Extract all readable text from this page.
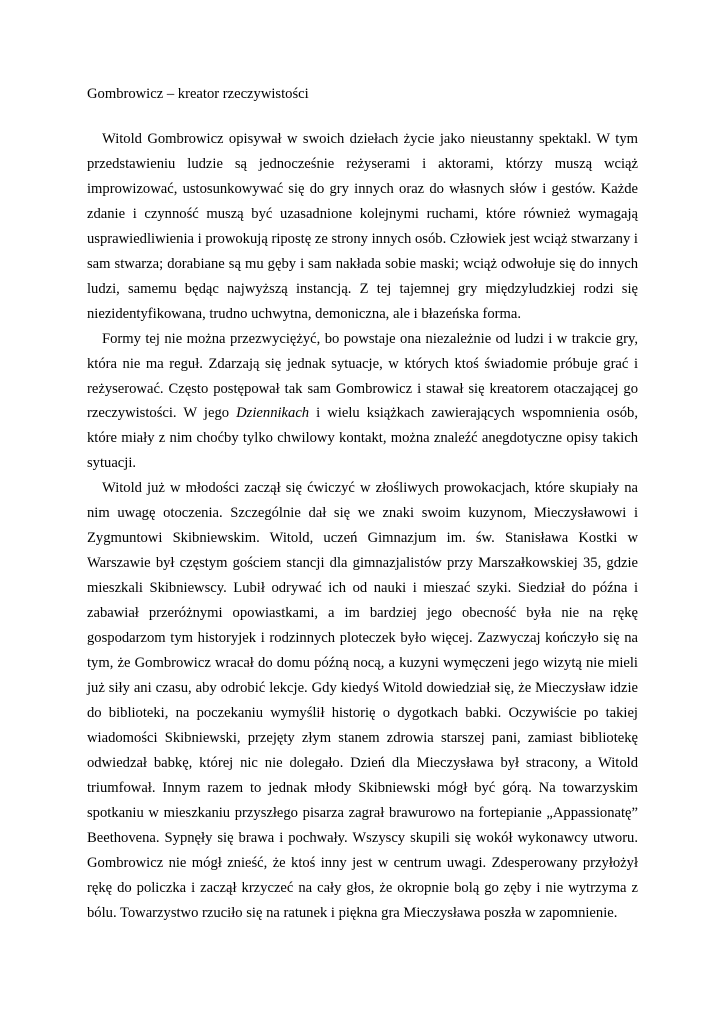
Gombrowicz – kreator rzeczywistości

Witold Gombrowicz opisywał w swoich dziełach życie jako nieustanny spektakl. W tym przedstawieniu ludzie są jednocześnie reżyserami i aktorami, którzy muszą wciąż improwizować, ustosunkowywać się do gry innych oraz do własnych słów i gestów. Każde zdanie i czynność muszą być uzasadnione kolejnymi ruchami, które również wymagają usprawiedliwienia i prowokują ripostę ze strony innych osób. Człowiek jest wciąż stwarzany i sam stwarza; dorabiane są mu gęby i sam nakłada sobie maski; wciąż odwołuje się do innych ludzi, samemu będąc najwyższą instancją. Z tej tajemnej gry międzyludzkiej rodzi się niezidentyfikowana, trudno uchwytna, demoniczna, ale i błazeńska forma.

Formy tej nie można przezwyciężyć, bo powstaje ona niezależnie od ludzi i w trakcie gry, która nie ma reguł. Zdarzają się jednak sytuacje, w których ktoś świadomie próbuje grać i reżyserować. Często postępował tak sam Gombrowicz i stawał się kreatorem otaczającej go rzeczywistości. W jego Dziennikach i wielu książkach zawierających wspomnienia osób, które miały z nim choćby tylko chwilowy kontakt, można znaleźć anegdotyczne opisy takich sytuacji.

Witold już w młodości zaczął się ćwiczyć w złośliwych prowokacjach, które skupiały na nim uwagę otoczenia. Szczególnie dał się we znaki swoim kuzynom, Mieczysławowi i Zygmuntowi Skibniewskim. Witold, uczeń Gimnazjum im. św. Stanisława Kostki w Warszawie był częstym gościem stancji dla gimnazjalistów przy Marszałkowskiej 35, gdzie mieszkali Skibniewscy. Lubił odrywać ich od nauki i mieszać szyki. Siedział do późna i zabawiał przeróżnymi opowiastkami, a im bardziej jego obecność była nie na rękę gospodarzom tym historyjek i rodzinnych ploteczek było więcej. Zazwyczaj kończyło się na tym, że Gombrowicz wracał do domu późną nocą, a kuzyni wymęczeni jego wizytą nie mieli już siły ani czasu, aby odrobić lekcje. Gdy kiedyś Witold dowiedział się, że Mieczysław idzie do biblioteki, na poczekaniu wymyślił historię o dygotkach babki. Oczywiście po takiej wiadomości Skibniewski, przejęty złym stanem zdrowia starszej pani, zamiast bibliotekę odwiedzał babkę, której nic nie dolegało. Dzień dla Mieczysława był stracony, a Witold triumfował. Innym razem to jednak młody Skibniewski mógł być górą. Na towarzyskim spotkaniu w mieszkaniu przyszłego pisarza zagrał brawurowo na fortepianie „Appassionatę” Beethovena. Sypnęły się brawa i pochwały. Wszyscy skupili się wokół wykonawcy utworu. Gombrowicz nie mógł znieść, że ktoś inny jest w centrum uwagi. Zdesperowany przyłożył rękę do policzka i zaczął krzyczeć na cały głos, że okropnie bolą go zęby i nie wytrzyma z bólu. Towarzystwo rzuciło się na ratunek i piękna gra Mieczysława poszła w zapomnienie.
